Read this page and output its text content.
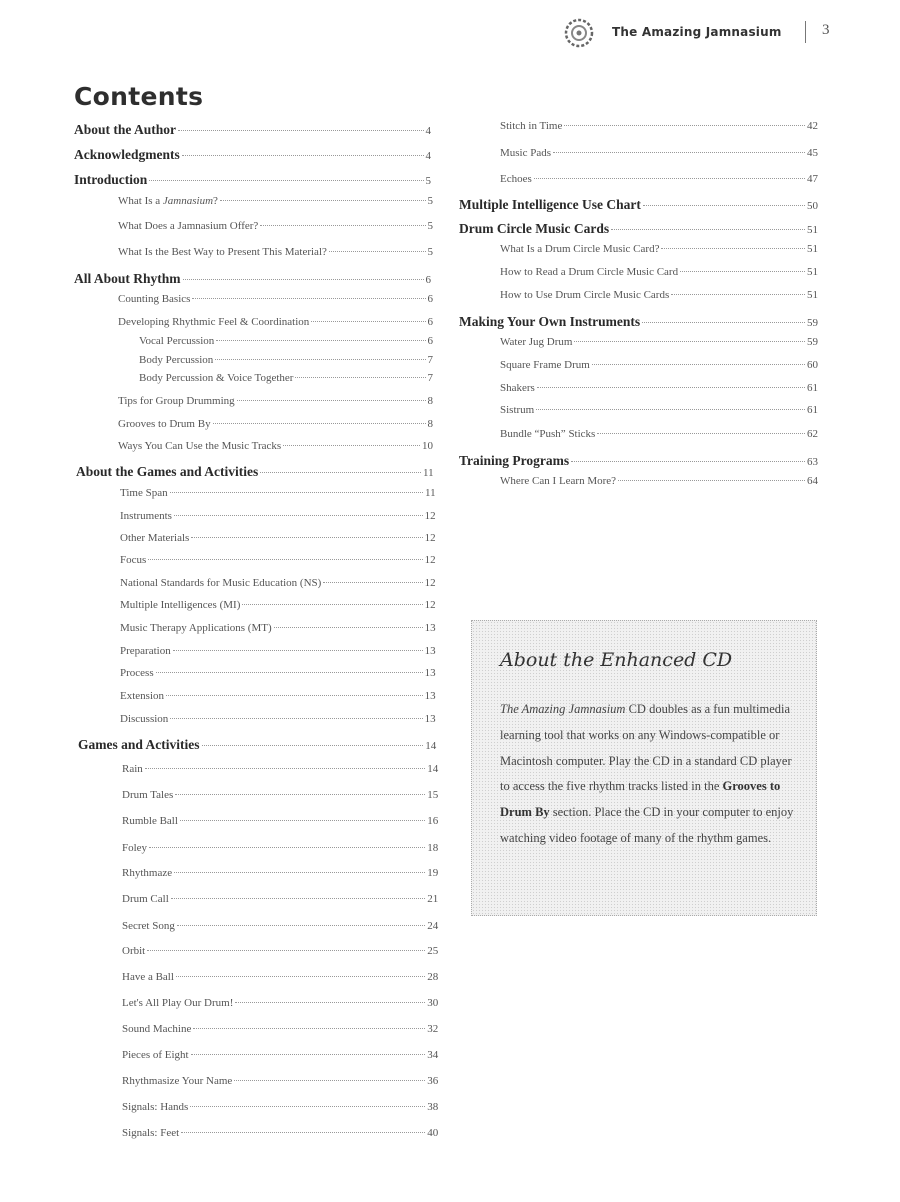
The Amazing Jamnasium	3
Contents
About the Author	4
Acknowledgments	4
Introduction	5
What Is a Jamnasium?	5
What Does a Jamnasium Offer?	5
What Is the Best Way to Present This Material?	5
All About Rhythm	6
Counting Basics	6
Developing Rhythmic Feel & Coordination	6
Vocal Percussion	6
Body Percussion	7
Body Percussion & Voice Together	7
Tips for Group Drumming	8
Grooves to Drum By	8
Ways You Can Use the Music Tracks	10
About the Games and Activities	11
Time Span	11
Instruments	12
Other Materials	12
Focus	12
National Standards for Music Education (NS)	12
Multiple Intelligences (MI)	12
Music Therapy Applications (MT)	13
Preparation	13
Process	13
Extension	13
Discussion	13
Games and Activities	14
Rain	14
Drum Tales	15
Rumble Ball	16
Foley	18
Rhythmaze	19
Drum Call	21
Secret Song	24
Orbit	25
Have a Ball	28
Let's All Play Our Drum!	30
Sound Machine	32
Pieces of Eight	34
Rhythmasize Your Name	36
Signals: Hands	38
Signals: Feet	40
Stitch in Time	42
Music Pads	45
Echoes	47
Multiple Intelligence Use Chart	50
Drum Circle Music Cards	51
What Is a Drum Circle Music Card?	51
How to Read a Drum Circle Music Card	51
How to Use Drum Circle Music Cards	51
Making Your Own Instruments	59
Water Jug Drum	59
Square Frame Drum	60
Shakers	61
Sistrum	61
Bundle “Push” Sticks	62
Training Programs	63
Where Can I Learn More?	64
About the Enhanced CD
The Amazing Jamnasium CD doubles as a fun multimedia learning tool that works on any Windows-compatible or Macintosh computer. Play the CD in a standard CD player to access the five rhythm tracks listed in the Grooves to Drum By section. Place the CD in your computer to enjoy watching video footage of many of the rhythm games.
